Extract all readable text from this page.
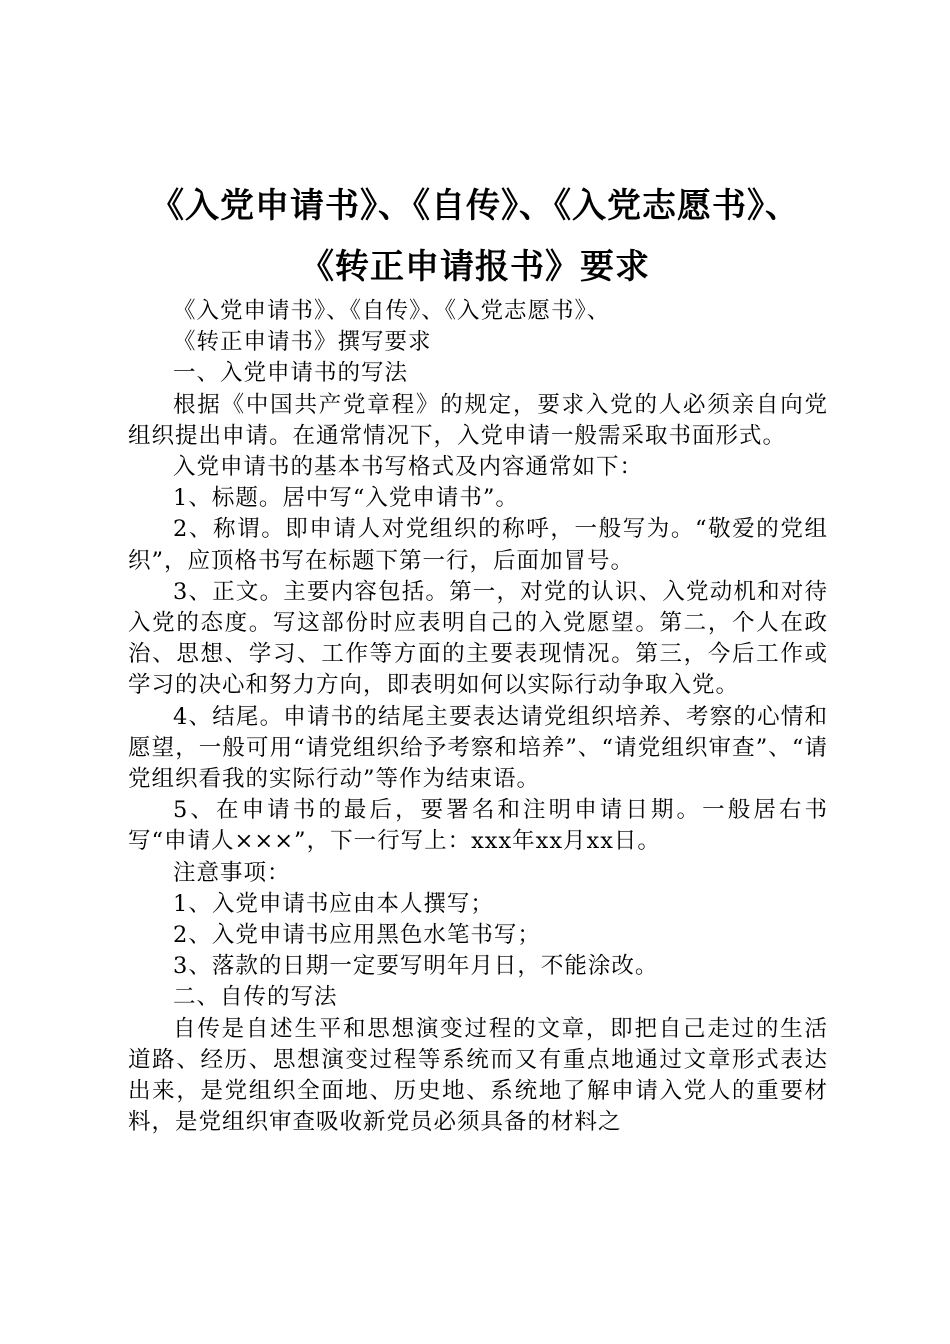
《入党申请书》、《自传》、《入党志愿书》、
《转正申请报书》要求

《入党申请书》、《自传》、《入党志愿书》、

《转正申请书》撰写要求

一、入党申请书的写法

根据《中国共产党章程》的规定，要求入党的人必须亲自向党组织提出申请。在通常情况下，入党申请一般需采取书面形式。

入党申请书的基本书写格式及内容通常如下：

1、标题。居中写“入党申请书”。

2、称谓。即申请人对党组织的称呼，一般写为。“敬爱的党组织”，应顶格书写在标题下第一行，后面加冒号。

3、正文。主要内容包括。第一，对党的认识、入党动机和对待入党的态度。写这部份时应表明自己的入党愿望。第二，个人在政治、思想、学习、工作等方面的主要表现情况。第三，今后工作或学习的决心和努力方向，即表明如何以实际行动争取入党。

4、结尾。申请书的结尾主要表达请党组织培养、考察的心情和愿望，一般可用“请党组织给予考察和培养”、“请党组织审查”、“请党组织看我的实际行动”等作为结束语。

5、在申请书的最后，要署名和注明申请日期。一般居右书写“申请人×××”，下一行写上：xxx年xx月xx日。

注意事项：

1、入党申请书应由本人撰写；

2、入党申请书应用黑色水笔书写；

3、落款的日期一定要写明年月日，不能涂改。

二、自传的写法

自传是自述生平和思想演变过程的文章，即把自己走过的生活道路、经历、思想演变过程等系统而又有重点地通过文章形式表达出来，是党组织全面地、历史地、系统地了解申请入党人的重要材料，是党组织审查吸收新党员必须具备的材料之
